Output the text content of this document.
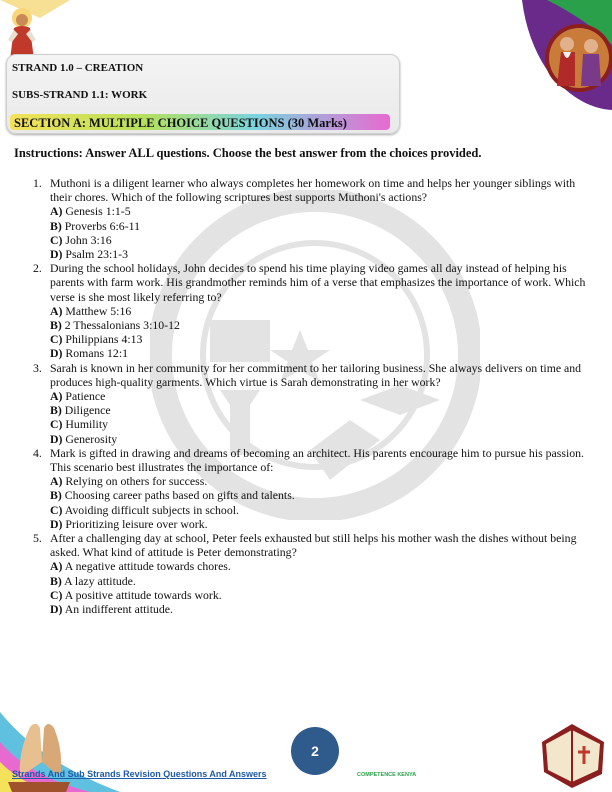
STRAND 1.0 – CREATION
SUBS-STRAND 1.1: WORK
SECTION A: MULTIPLE CHOICE QUESTIONS (30 Marks)
Instructions: Answer ALL questions. Choose the best answer from the choices provided.
1. Muthoni is a diligent learner who always completes her homework on time and helps her younger siblings with their chores. Which of the following scriptures best supports Muthoni's actions?
A) Genesis 1:1-5
B) Proverbs 6:6-11
C) John 3:16
D) Psalm 23:1-3
2. During the school holidays, John decides to spend his time playing video games all day instead of helping his parents with farm work. His grandmother reminds him of a verse that emphasizes the importance of work. Which verse is she most likely referring to?
A) Matthew 5:16
B) 2 Thessalonians 3:10-12
C) Philippians 4:13
D) Romans 12:1
3. Sarah is known in her community for her commitment to her tailoring business. She always delivers on time and produces high-quality garments. Which virtue is Sarah demonstrating in her work?
A) Patience
B) Diligence
C) Humility
D) Generosity
4. Mark is gifted in drawing and dreams of becoming an architect. His parents encourage him to pursue his passion. This scenario best illustrates the importance of:
A) Relying on others for success.
B) Choosing career paths based on gifts and talents.
C) Avoiding difficult subjects in school.
D) Prioritizing leisure over work.
5. After a challenging day at school, Peter feels exhausted but still helps his mother wash the dishes without being asked. What kind of attitude is Peter demonstrating?
A) A negative attitude towards chores.
B) A lazy attitude.
C) A positive attitude towards work.
D) An indifferent attitude.
2
Strands And Sub Strands Revision Questions And Answers	COMPETENCE KENYA
